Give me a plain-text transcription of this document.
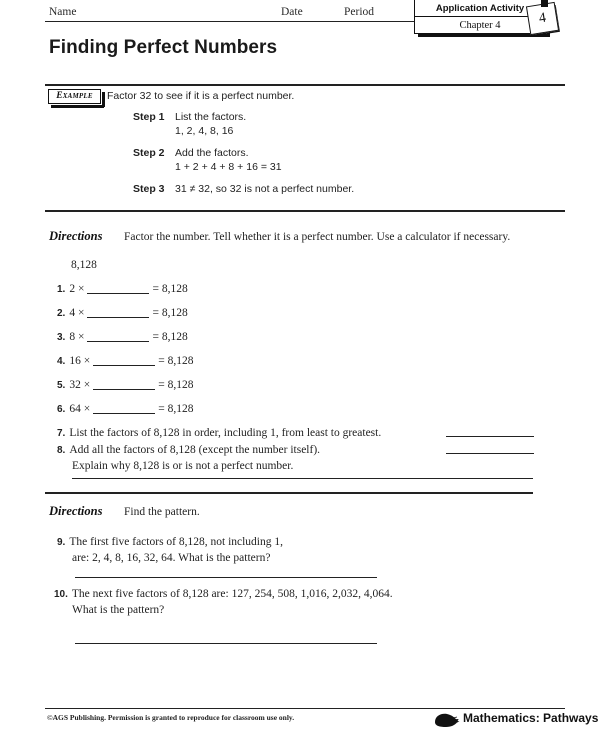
Name	Date	Period	Application Activity
Chapter 4	4
Finding Perfect Numbers
Example	Factor 32 to see if it is a perfect number.
Step 1 List the factors.
1, 2, 4, 8, 16
Step 2 Add the factors.
1 + 2 + 4 + 8 + 16 = 31
Step 3 31 ≠ 32, so 32 is not a perfect number.
Directions Factor the number. Tell whether it is a perfect number. Use a calculator if necessary.
8,128
1. 2 ×	= 8,128
2. 4 ×	= 8,128
3. 8 ×	= 8,128
4. 16 ×	= 8,128
5. 32 ×	= 8,128
6. 64 ×	= 8,128
7. List the factors of 8,128 in order, including 1, from least to greatest.
8. Add all the factors of 8,128 (except the number itself).
Explain why 8,128 is or is not a perfect number.
Directions Find the pattern.
9. The first five factors of 8,128, not including 1,
are: 2, 4, 8, 16, 32, 64. What is the pattern?
10. The next five factors of 8,128 are: 127, 254, 508, 1,016, 2,032, 4,064.
What is the pattern?
©AGS Publishing. Permission is granted to reproduce for classroom use only.	Mathematics: Pathways
